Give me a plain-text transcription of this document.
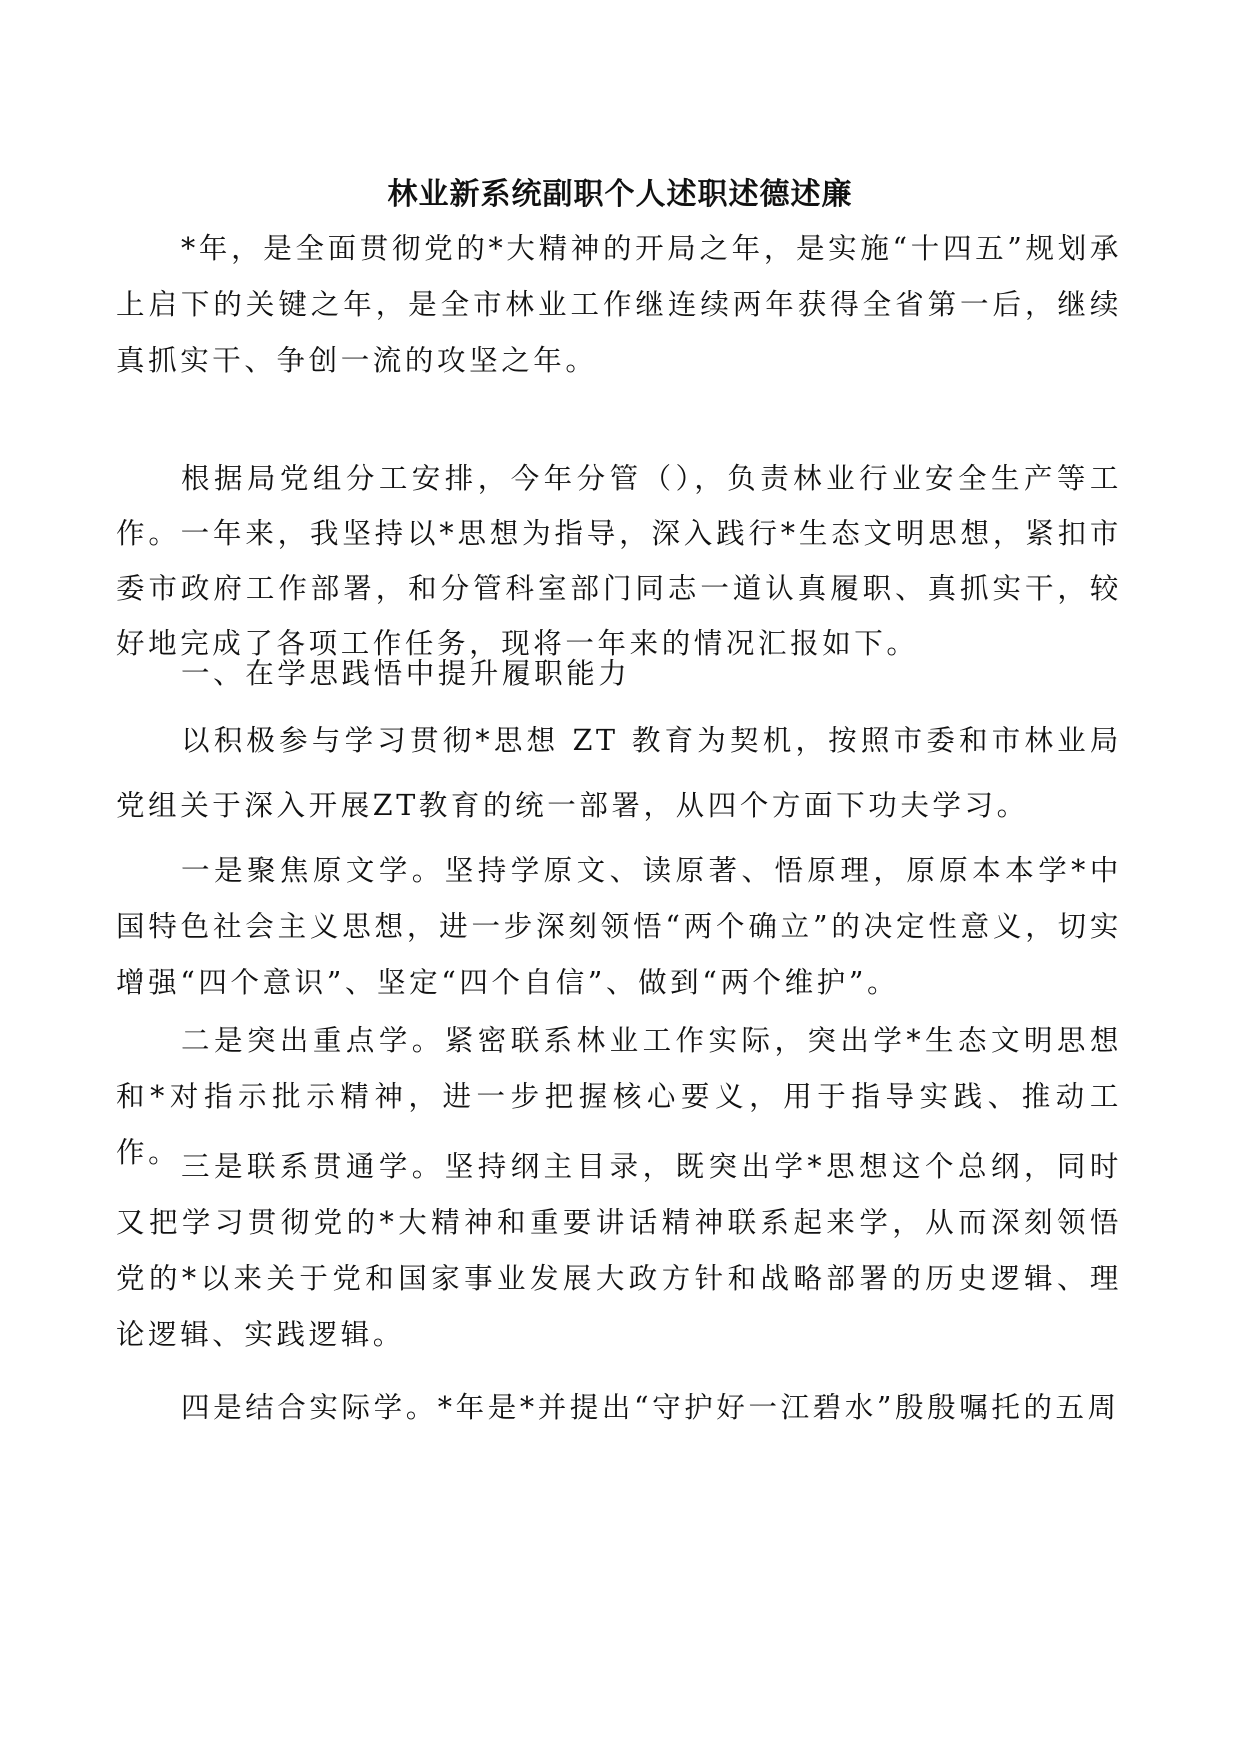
林业新系统副职个人述职述德述廉

*年，是全面贯彻党的*大精神的开局之年，是实施“十四五”规划承上启下的关键之年，是全市林业工作继连续两年获得全省第一后，继续真抓实干、争创一流的攻坚之年。

根据局党组分工安排，今年分管（），负责林业行业安全生产等工作。一年来，我坚持以*思想为指导，深入践行*生态文明思想，紧扣市委市政府工作部署，和分管科室部门同志一道认真履职、真抓实干，较好地完成了各项工作任务，现将一年来的情况汇报如下。

一、在学思践悟中提升履职能力

以积极参与学习贯彻*思想 ZT 教育为契机，按照市委和市林业局党组关于深入开展ZT教育的统一部署，从四个方面下功夫学习。

一是聚焦原文学。坚持学原文、读原著、悟原理，原原本本学*中国特色社会主义思想，进一步深刻领悟“两个确立”的决定性意义，切实增强“四个意识”、坚定“四个自信”、做到“两个维护”。

二是突出重点学。紧密联系林业工作实际，突出学*生态文明思想和*对指示批示精神，进一步把握核心要义，用于指导实践、推动工作。 三是联系贯通学。坚持纲主目录，既突出学*思想这个总纲，同时又把学习贯彻党的*大精神和重要讲话精神联系起来学，从而深刻领悟党的*以来关于党和国家事业发展大政方针和战略部署的历史逻辑、理论逻辑、实践逻辑。

四是结合实际学。*年是*并提出“守护好一江碧水”殷殷嘱托的五周
